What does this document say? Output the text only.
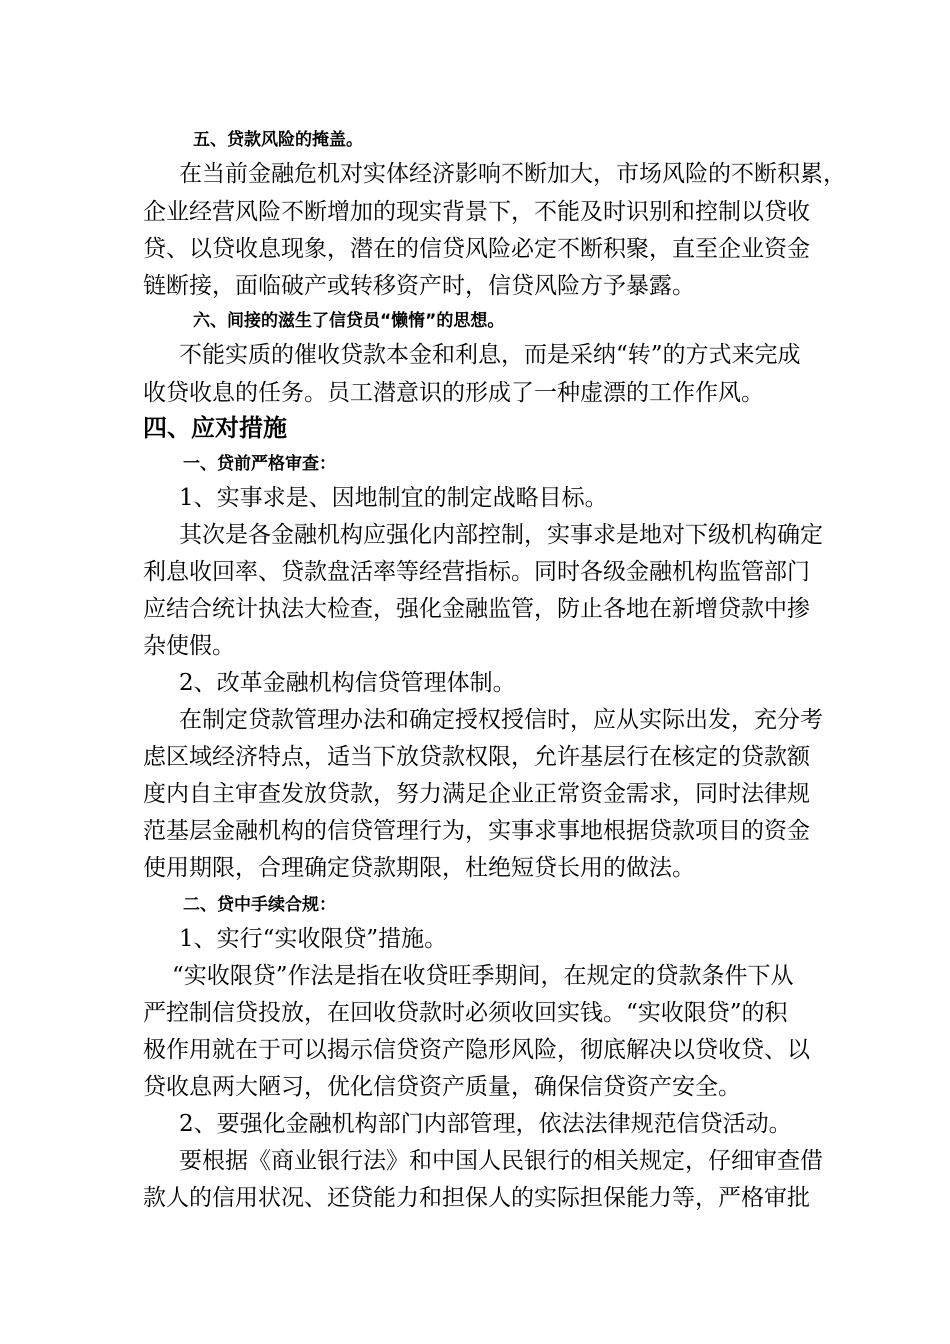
五、贷款风险的掩盖。
在当前金融危机对实体经济影响不断加大，市场风险的不断积累，
企业经营风险不断增加的现实背景下，不能及时识别和控制以贷收
贷、以贷收息现象，潜在的信贷风险必定不断积聚，直至企业资金
链断接，面临破产或转移资产时，信贷风险方予暴露。
六、间接的滋生了信贷员“懒惰”的思想。
不能实质的催收贷款本金和利息，而是采纳“转”的方式来完成
收贷收息的任务。员工潜意识的形成了一种虚漂的工作作风。
四、应对措施
一、贷前严格审查：
1、实事求是、因地制宜的制定战略目标。
其次是各金融机构应强化内部控制，实事求是地对下级机构确定
利息收回率、贷款盘活率等经营指标。同时各级金融机构监管部门
应结合统计执法大检查，强化金融监管，防止各地在新增贷款中掺
杂使假。
2、改革金融机构信贷管理体制。
在制定贷款管理办法和确定授权授信时，应从实际出发，充分考
虑区域经济特点，适当下放贷款权限，允许基层行在核定的贷款额
度内自主审查发放贷款，努力满足企业正常资金需求，同时法律规
范基层金融机构的信贷管理行为，实事求事地根据贷款项目的资金
使用期限，合理确定贷款期限，杜绝短贷长用的做法。
二、贷中手续合规：
1、实行“实收限贷”措施。
“实收限贷”作法是指在收贷旺季期间，在规定的贷款条件下从
严控制信贷投放，在回收贷款时必须收回实钱。“实收限贷”的积
极作用就在于可以揭示信贷资产隐形风险，彻底解决以贷收贷、以
贷收息两大陋习，优化信贷资产质量，确保信贷资产安全。
2、要强化金融机构部门内部管理，依法法律规范信贷活动。
要根据《商业银行法》和中国人民银行的相关规定，仔细审查借
款人的信用状况、还贷能力和担保人的实际担保能力等，严格审批
